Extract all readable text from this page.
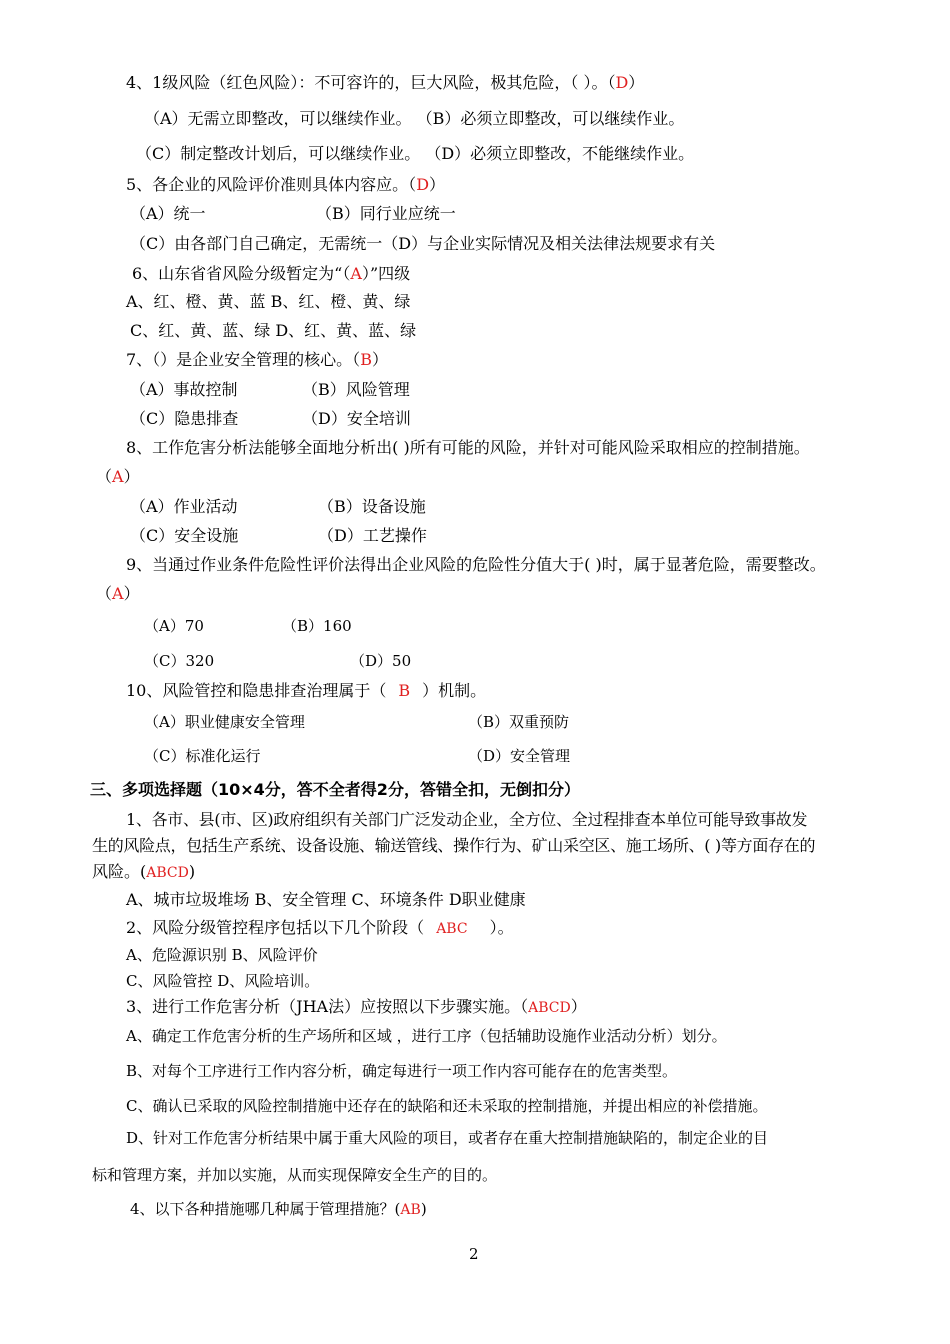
4、1级风险（红色风险）：不可容许的，巨大风险，极其危险，（ ）。（D）
（A）无需立即整改，可以继续作业。 （B）必须立即整改，可以继续作业。
（C）制定整改计划后，可以继续作业。 （D）必须立即整改，不能继续作业。
5、各企业的风险评价准则具体内容应。（D）
（A）统一	（B）同行业应统一
（C）由各部门自己确定，无需统一（D）与企业实际情况及相关法律法规要求有关
6、山东省省风险分级暂定为“（A）”四级
A、红、橙、黄、蓝 B、红、橙、黄、绿
C、红、黄、蓝、绿 D、红、黄、蓝、绿
7、（）是企业安全管理的核心。（B）
（A）事故控制	（B）风险管理
（C）隐患排查	（D）安全培训
8、工作危害分析法能够全面地分析出( )所有可能的风险，并针对可能风险采取相应的控制措施。
（A）
（A）作业活动	（B）设备设施
（C）安全设施	（D）工艺操作
9、当通过作业条件危险性评价法得出企业风险的危险性分值大于( )时，属于显著危险，需要整改。
（A）
（A）70	（B）160
（C）320	（D）50
10、风险管控和隐患排查治理属于（ B ）机制。
（A）职业健康安全管理	（B）双重预防
（C）标准化运行	（D）安全管理
三、多项选择题（10×4分，答不全者得2分，答错全扣，无倒扣分）
1、各市、县(市、区)政府组织有关部门广泛发动企业，全方位、全过程排查本单位可能导致事故发
生的风险点，包括生产系统、设备设施、输送管线、操作行为、矿山采空区、施工场所、( )等方面存在的
风险。(ABCD)
A、城市垃圾堆场 B、安全管理 C、环境条件 D职业健康
2、风险分级管控程序包括以下几个阶段（ ABC ）。
A、危险源识别 B、风险评价
C、风险管控 D、风险培训。
3、进行工作危害分析（JHA法）应按照以下步骤实施。（ABCD）
A、确定工作危害分析的生产场所和区域 ，进行工序（包括辅助设施作业活动分析）划分。
B、对每个工序进行工作内容分析，确定每进行一项工作内容可能存在的危害类型。
C、确认已采取的风险控制措施中还存在的缺陷和还未采取的控制措施，并提出相应的补偿措施。
D、针对工作危害分析结果中属于重大风险的项目，或者存在重大控制措施缺陷的，制定企业的目
标和管理方案，并加以实施，从而实现保障安全生产的目的。
4、以下各种措施哪几种属于管理措施？(AB)
2
